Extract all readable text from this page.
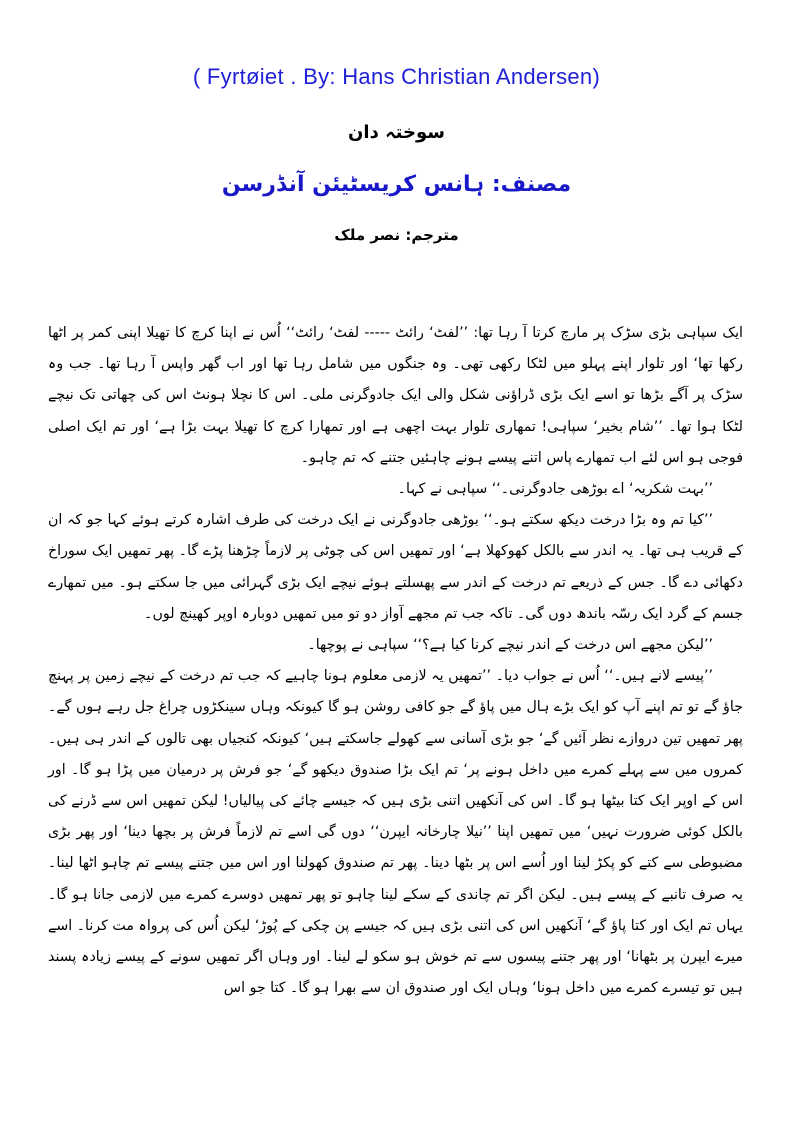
( Fyrtøiet . By: Hans Christian Andersen)
سوختہ دان
مصنف: ہانس کریسٹیئن آنڈرسن
مترجم: نصر ملک

ایک سپاہی بڑی سڑک پر مارچ کرتا آ رہا تھا: ’’لفٹ‘ رائٹ ----- لفٹ‘ رائٹ‘‘ اُس نے اپنا کرچ کا تھیلا اپنی کمر پر اٹھا رکھا تھا‘ اور تلوار اپنے پہلو میں لٹکا رکھی تھی۔ وہ جنگوں میں شامل رہا تھا اور اب گھر واپس آ رہا تھا۔ جب وہ سڑک پر آگے بڑھا تو اسے ایک بڑی ڈراؤنی شکل والی ایک جادوگرنی ملی۔ اس کا نچلا ہونٹ اس کی چھاتی تک نیچے لٹکا ہوا تھا۔ ’’شام بخیر‘ سپاہی! تمھاری تلوار بہت اچھی ہے اور تمھارا کرچ کا تھیلا بہت بڑا ہے‘ اور تم ایک اصلی فوجی ہو اس لئے اب تمھارے پاس اتنے پیسے ہونے چاہئیں جتنے کہ تم چاہو۔

’’بہت شکریہ‘ اے بوڑھی جادوگرنی۔‘‘ سپاہی نے کہا۔

’’کیا تم وہ بڑا درخت دیکھ سکتے ہو۔‘‘ بوڑھی جادوگرنی نے ایک درخت کی طرف اشارہ کرتے ہوئے کہا جو کہ ان کے قریب ہی تھا۔ یہ اندر سے بالکل کھوکھلا ہے‘ اور تمھیں اس کی چوٹی پر لازماً چڑھنا پڑے گا۔ پھر تمھیں ایک سوراخ دکھائی دے گا۔ جس کے ذریعے تم درخت کے اندر سے پھسلتے ہوئے نیچے ایک بڑی گہرائی میں جا سکتے ہو۔ میں تمھارے جسم کے گرد ایک رسّہ باندھ دوں گی۔ تاکہ جب تم مجھے آواز دو تو میں تمھیں دوبارہ اوپر کھینچ لوں۔

’’لیکن مجھے اس درخت کے اندر نیچے کرنا کیا ہے؟‘‘ سپاہی نے پوچھا۔

’’پیسے لانے ہیں۔‘‘ اُس نے جواب دیا۔ ’’تمھیں یہ لازمی معلوم ہونا چاہیے کہ جب تم درخت کے نیچے زمین پر پہنچ جاؤ گے تو تم اپنے آپ کو ایک بڑے ہال میں پاؤ گے جو کافی روشن ہو گا کیونکہ وہاں سینکڑوں چراغ جل رہے ہوں گے۔ پھر تمھیں تین دروازے نظر آئیں گے‘ جو بڑی آسانی سے کھولے جاسکتے ہیں‘ کیونکہ کنجیاں بھی تالوں کے اندر ہی ہیں۔ کمروں میں سے پہلے کمرے میں داخل ہونے پر‘ تم ایک بڑا صندوق دیکھو گے‘ جو فرش پر درمیان میں پڑا ہو گا۔ اور اس کے اوپر ایک کتا بیٹھا ہو گا۔ اس کی آنکھیں اتنی بڑی ہیں کہ جیسے چائے کی پیالیاں! لیکن تمھیں اس سے ڈرنے کی بالکل کوئی ضرورت نہیں‘ میں تمھیں اپنا ’’نیلا چارخانہ ایپرن‘‘ دوں گی اسے تم لازماً فرش پر بچھا دینا‘ اور پھر بڑی مضبوطی سے کتے کو پکڑ لینا اور اُسے اس پر بٹھا دینا۔ پھر تم صندوق کھولنا اور اس میں جتنے پیسے تم چاہو اٹھا لینا۔ یہ صرف تانبے کے پیسے ہیں۔ لیکن اگر تم چاندی کے سکے لینا چاہو تو پھر تمھیں دوسرے کمرے میں لازمی جانا ہو گا۔ یہاں تم ایک اور کتا پاؤ گے‘ آنکھیں اس کی اتنی بڑی ہیں کہ جیسے پن چکی کے پُوڑ‘ لیکن اُس کی پرواہ مت کرنا۔ اسے میرے ایپرن پر بٹھانا‘ اور پھر جتنے پیسوں سے تم خوش ہو سکو لے لینا۔ اور وہاں اگر تمھیں سونے کے پیسے زیادہ پسند ہیں تو تیسرے کمرے میں داخل ہونا‘ وہاں ایک اور صندوق ان سے بھرا ہو گا۔ کتا جو اس
